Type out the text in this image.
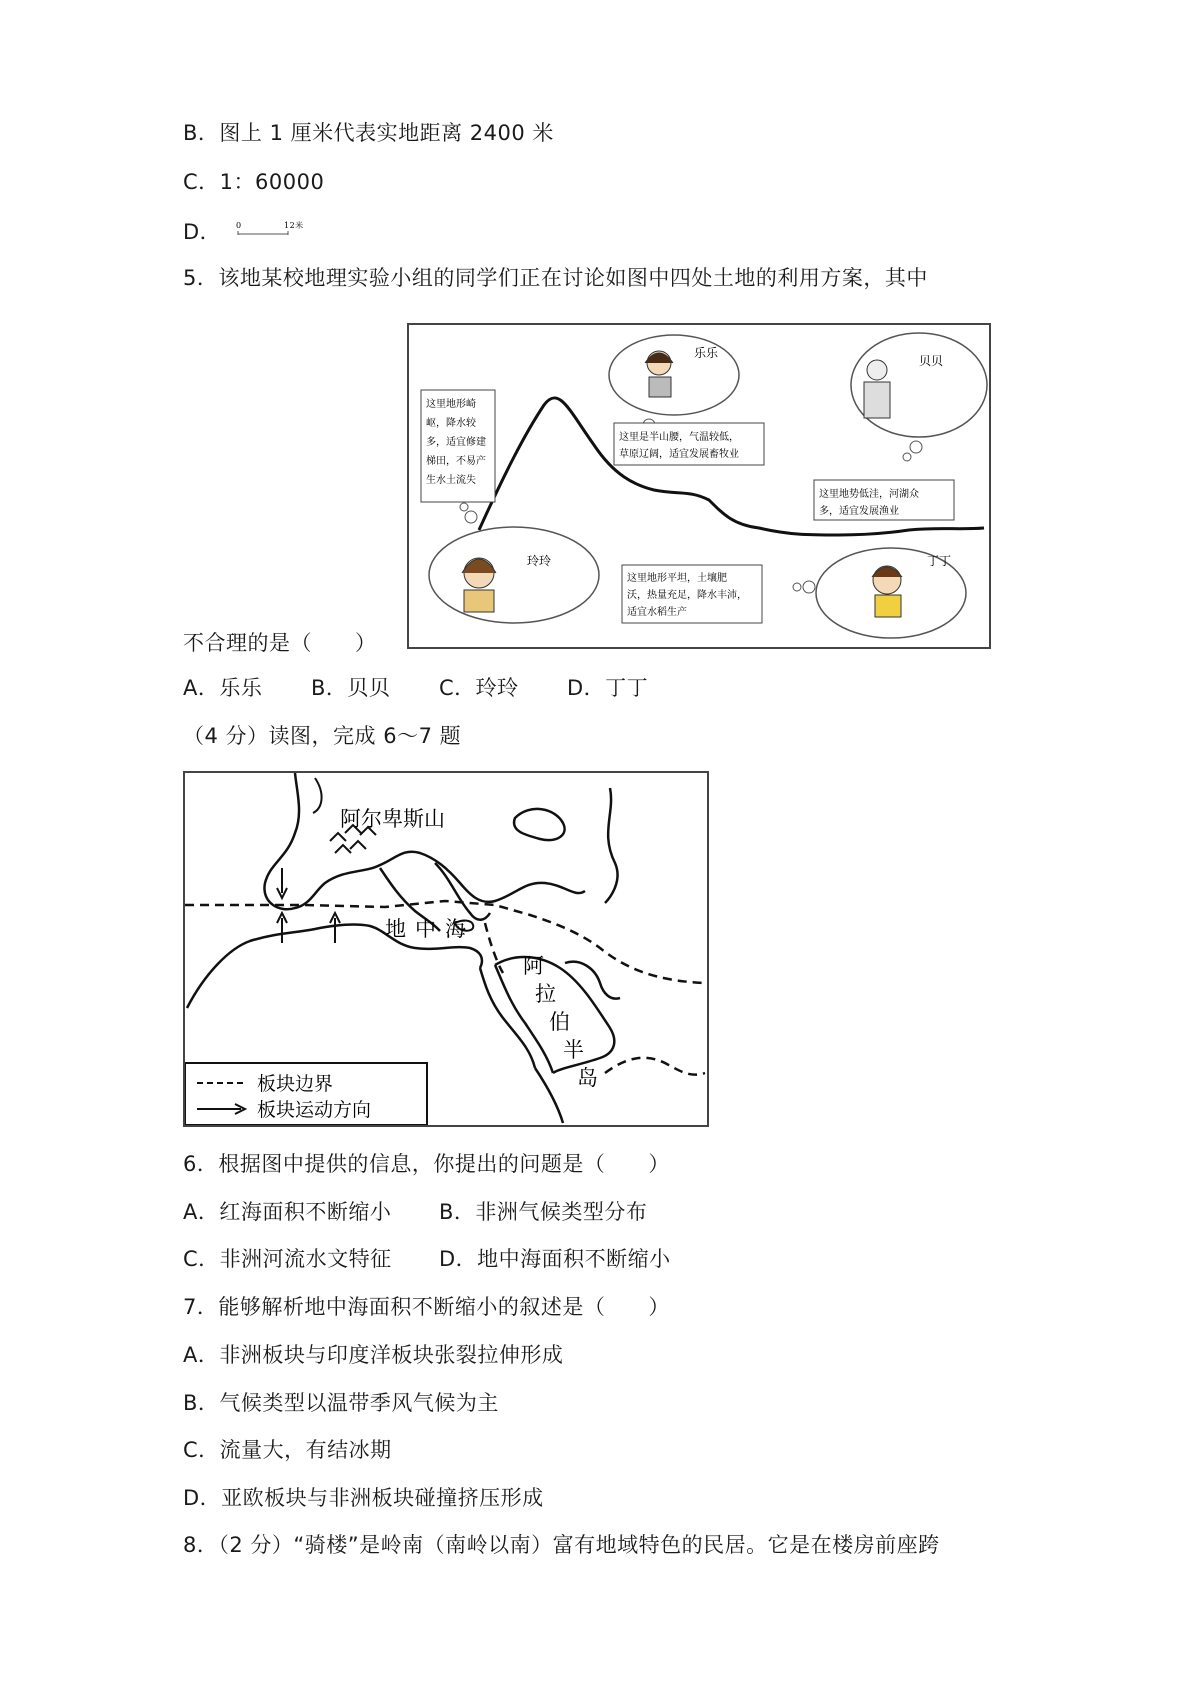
B．图上 1 厘米代表实地距离 2400 米
C．1：60000
D． 0	12米
5．该地某校地理实验小组的同学们正在讨论如图中四处土地的利用方案，其中
乐乐
贝贝
玲玲	丁丁
这里地形崎
岖，降水较
多，适宜修建
梯田，不易产
生水土流失
这里是半山腰，气温较低，
草原辽阔，适宜发展畜牧业
这里地势低洼，河湖众
多，适宜发展渔业
这里地形平坦，土壤肥
沃，热量充足，降水丰沛，
适宜水稻生产
不合理的是（　　）
A．乐乐 B．贝贝 C．玲玲 D．丁丁
（4 分）读图，完成 6～7 题
阿尔卑斯山
地 中 海
阿
拉
伯
半
岛
板块边界
板块运动方向
6．根据图中提供的信息，你提出的问题是（　　）
A．红海面积不断缩小 B．非洲气候类型分布
C．非洲河流水文特征 D．地中海面积不断缩小
7．能够解析地中海面积不断缩小的叙述是（　　）
A．非洲板块与印度洋板块张裂拉伸形成
B．气候类型以温带季风气候为主
C．流量大，有结冰期
D．亚欧板块与非洲板块碰撞挤压形成
8．（2 分）“骑楼”是岭南（南岭以南）富有地域特色的民居。它是在楼房前座跨
